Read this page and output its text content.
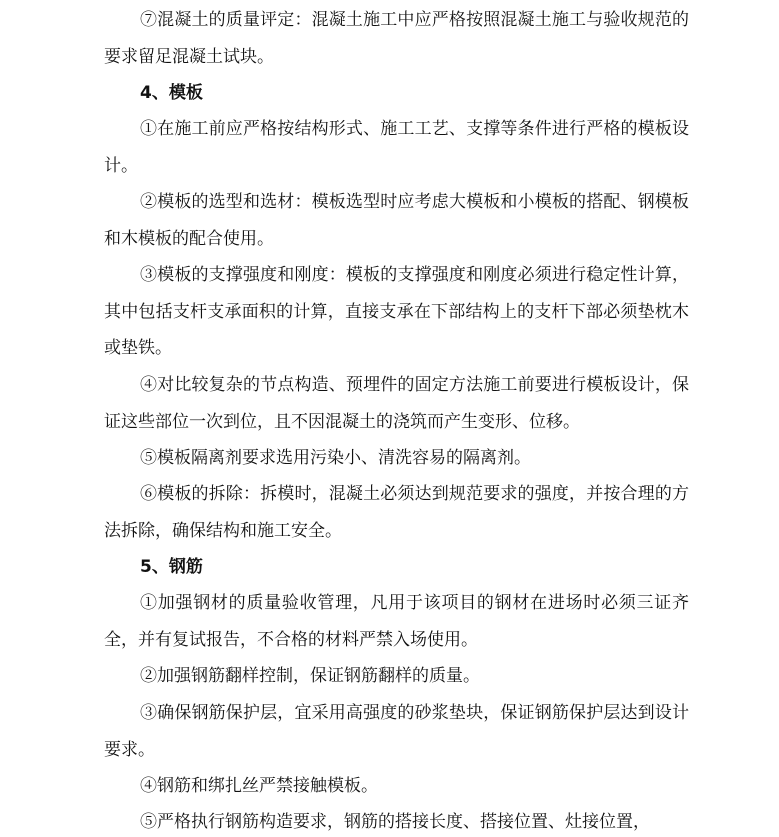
⑦混凝土的质量评定：混凝土施工中应严格按照混凝土施工与验收规范的要求留足混凝土试块。

4、模板

①在施工前应严格按结构形式、施工工艺、支撑等条件进行严格的模板设计。

②模板的选型和选材：模板选型时应考虑大模板和小模板的搭配、钢模板和木模板的配合使用。

③模板的支撑强度和刚度：模板的支撑强度和刚度必须进行稳定性计算，其中包括支杆支承面积的计算，直接支承在下部结构上的支杆下部必须垫枕木或垫铁。

④对比较复杂的节点构造、预埋件的固定方法施工前要进行模板设计，保证这些部位一次到位，且不因混凝土的浇筑而产生变形、位移。

⑤模板隔离剂要求选用污染小、清洗容易的隔离剂。

⑥模板的拆除：拆模时，混凝土必须达到规范要求的强度，并按合理的方法拆除，确保结构和施工安全。

5、钢筋

①加强钢材的质量验收管理，凡用于该项目的钢材在进场时必须三证齐全，并有复试报告，不合格的材料严禁入场使用。

②加强钢筋翻样控制，保证钢筋翻样的质量。

③确保钢筋保护层，宜采用高强度的砂浆垫块，保证钢筋保护层达到设计要求。

④钢筋和绑扎丝严禁接触模板。

⑤严格执行钢筋构造要求，钢筋的搭接长度、搭接位置、灶接位置，
